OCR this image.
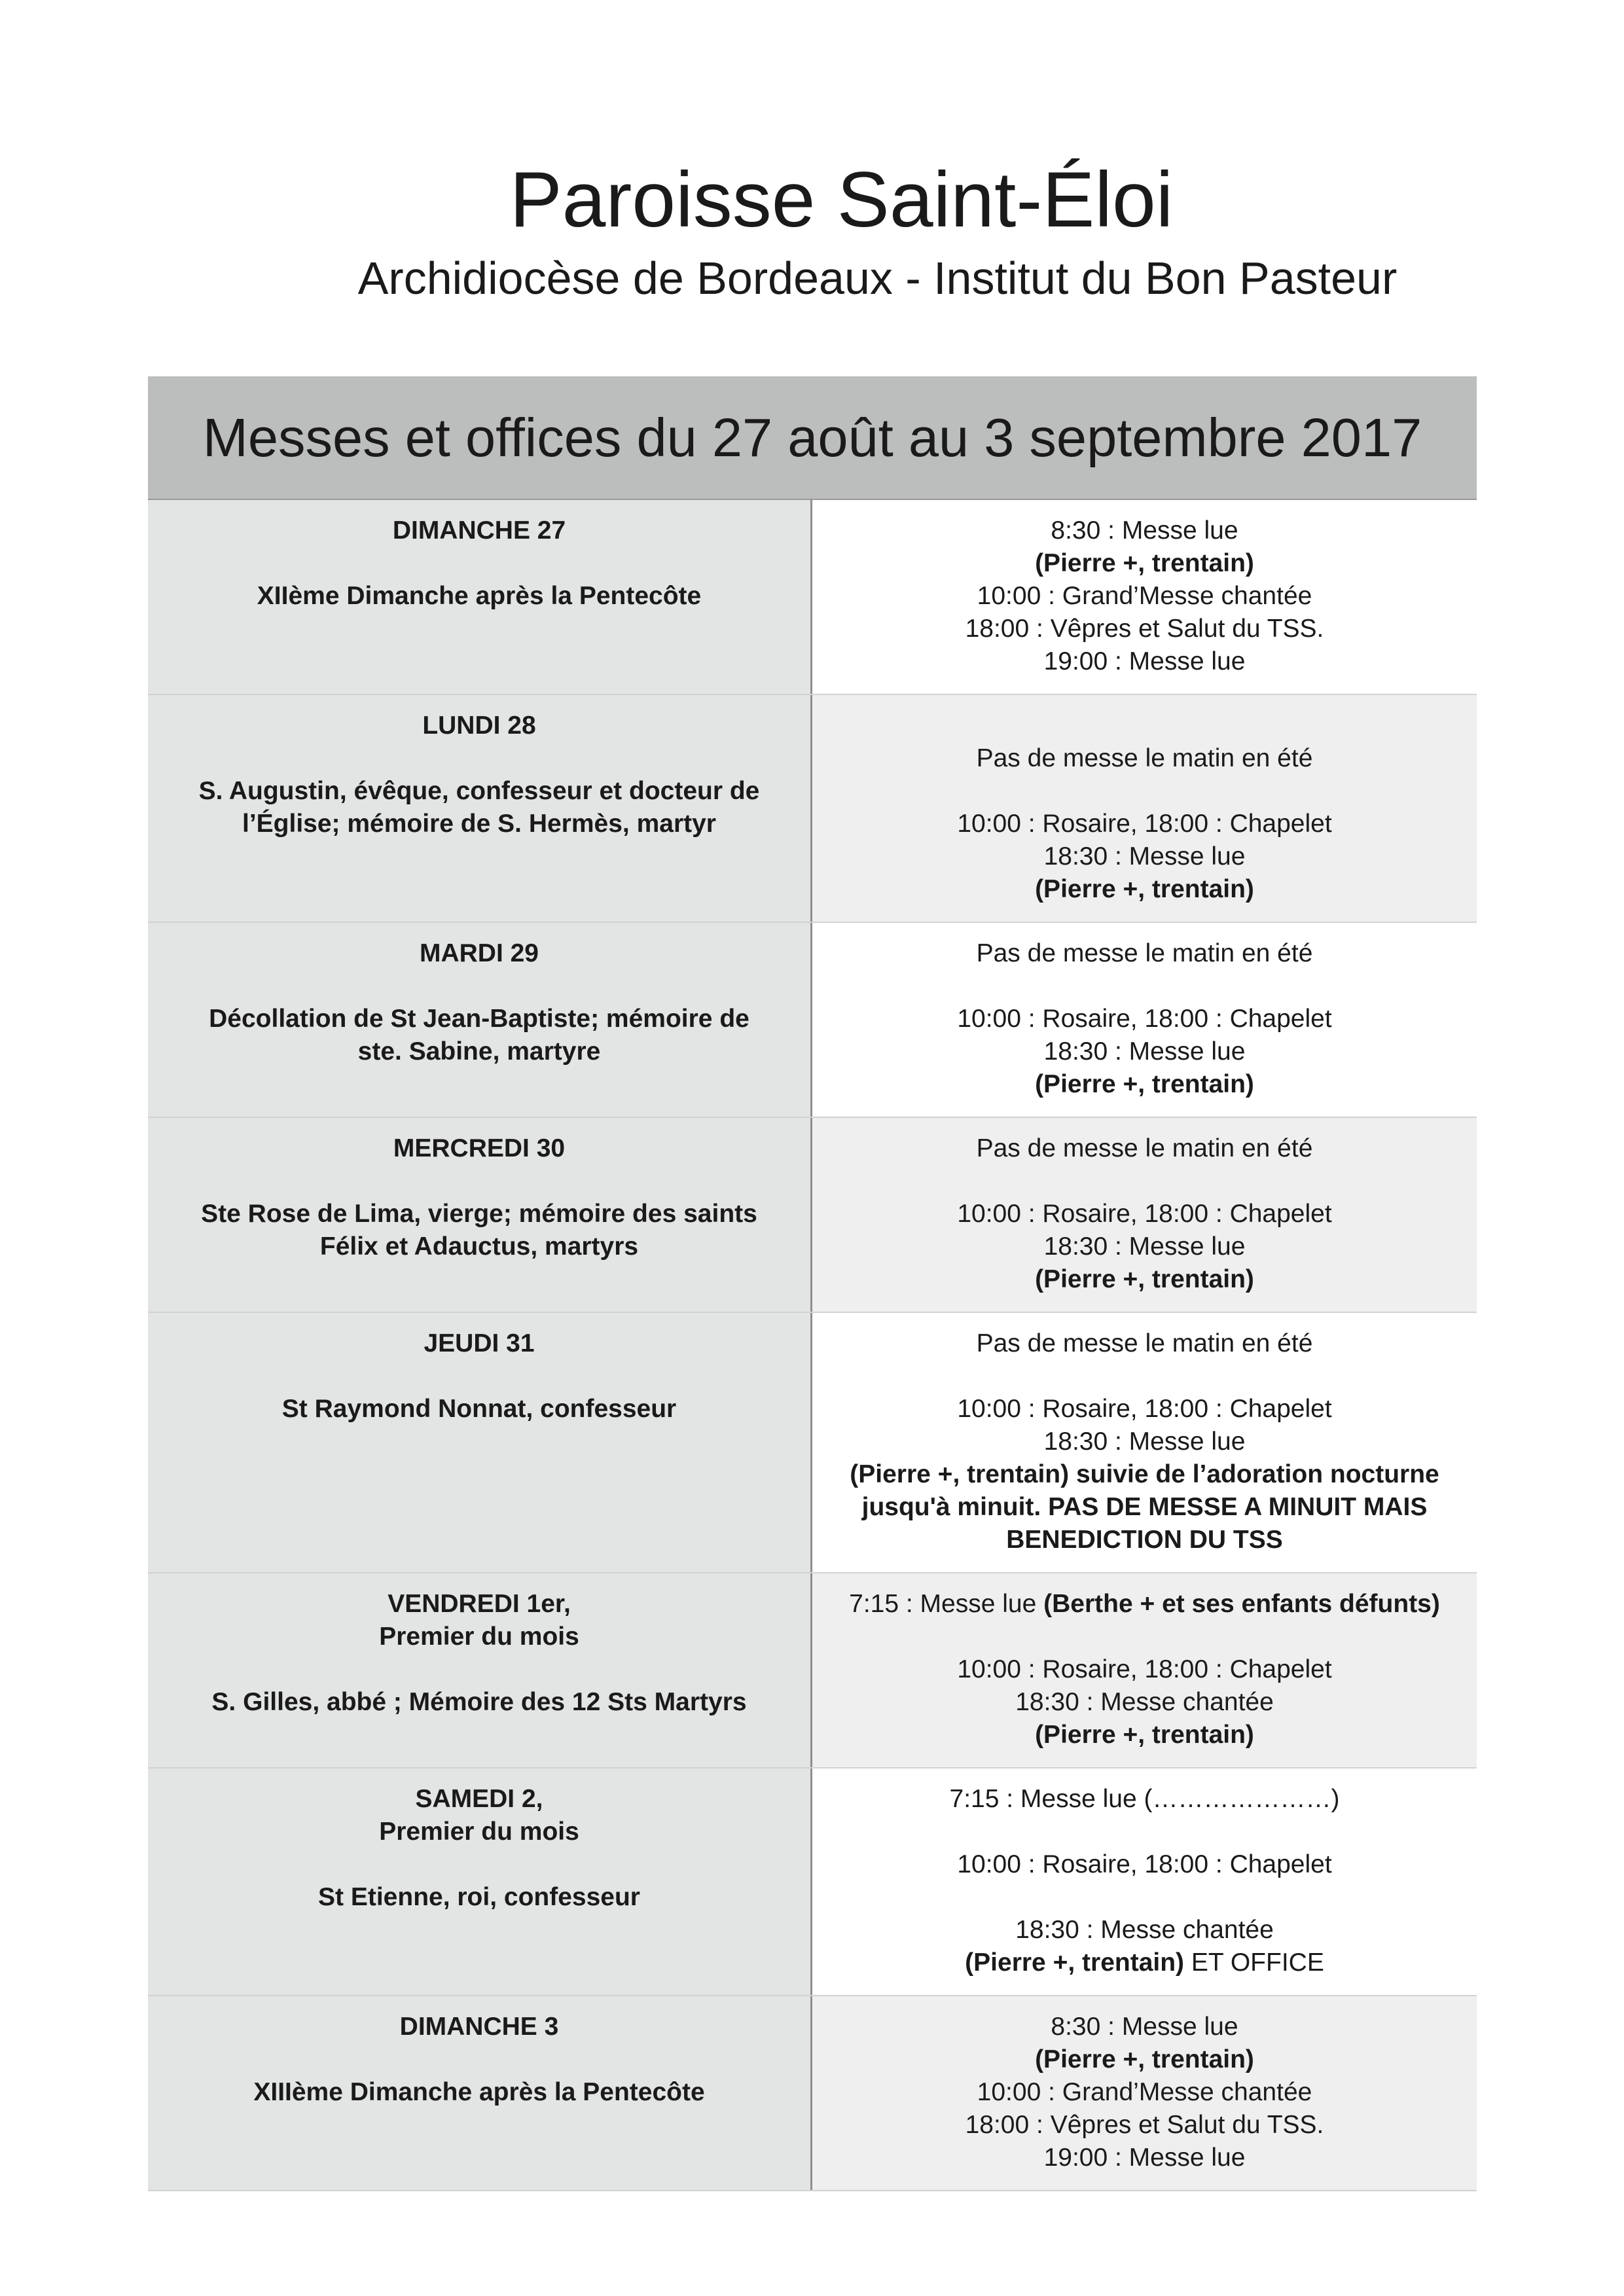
Paroisse Saint-Éloi
Archidiocèse de Bordeaux - Institut du Bon Pasteur
Messes et offices du 27 août au 3 septembre 2017
DIMANCHE 27
XIIème Dimanche après la Pentecôte
8:30 : Messe lue
(Pierre +, trentain)
10:00 : Grand’Messe chantée
18:00 : Vêpres et Salut du TSS.
19:00 : Messe lue
LUNDI 28
S. Augustin, évêque, confesseur et docteur de
l’Église; mémoire de S. Hermès, martyr
Pas de messe le matin en été
10:00 : Rosaire, 18:00 : Chapelet
18:30 : Messe lue
(Pierre +, trentain)
MARDI 29
Décollation de St Jean-Baptiste; mémoire de
ste. Sabine, martyre
Pas de messe le matin en été
10:00 : Rosaire, 18:00 : Chapelet
18:30 : Messe lue
(Pierre +, trentain)
MERCREDI 30
Ste Rose de Lima, vierge; mémoire des saints
Félix et Adauctus, martyrs
Pas de messe le matin en été
10:00 : Rosaire, 18:00 : Chapelet
18:30 : Messe lue
(Pierre +, trentain)
JEUDI 31
St Raymond Nonnat, confesseur
Pas de messe le matin en été
10:00 : Rosaire, 18:00 : Chapelet
18:30 : Messe lue
(Pierre +, trentain) suivie de l’adoration nocturne
jusqu'à minuit. PAS DE MESSE A MINUIT MAIS
BENEDICTION DU TSS
VENDREDI 1er,
Premier du mois
S. Gilles, abbé ; Mémoire des 12 Sts Martyrs
7:15 : Messe lue (Berthe + et ses enfants défunts)
10:00 : Rosaire, 18:00 : Chapelet
18:30 : Messe chantée
(Pierre +, trentain)
SAMEDI 2,
Premier du mois
St Etienne, roi, confesseur
7:15 : Messe lue (…………………)
10:00 : Rosaire, 18:00 : Chapelet
18:30 : Messe chantée
(Pierre +, trentain) ET OFFICE
DIMANCHE 3
XIIIème Dimanche après la Pentecôte
8:30 : Messe lue
(Pierre +, trentain)
10:00 : Grand’Messe chantée
18:00 : Vêpres et Salut du TSS.
19:00 : Messe lue
